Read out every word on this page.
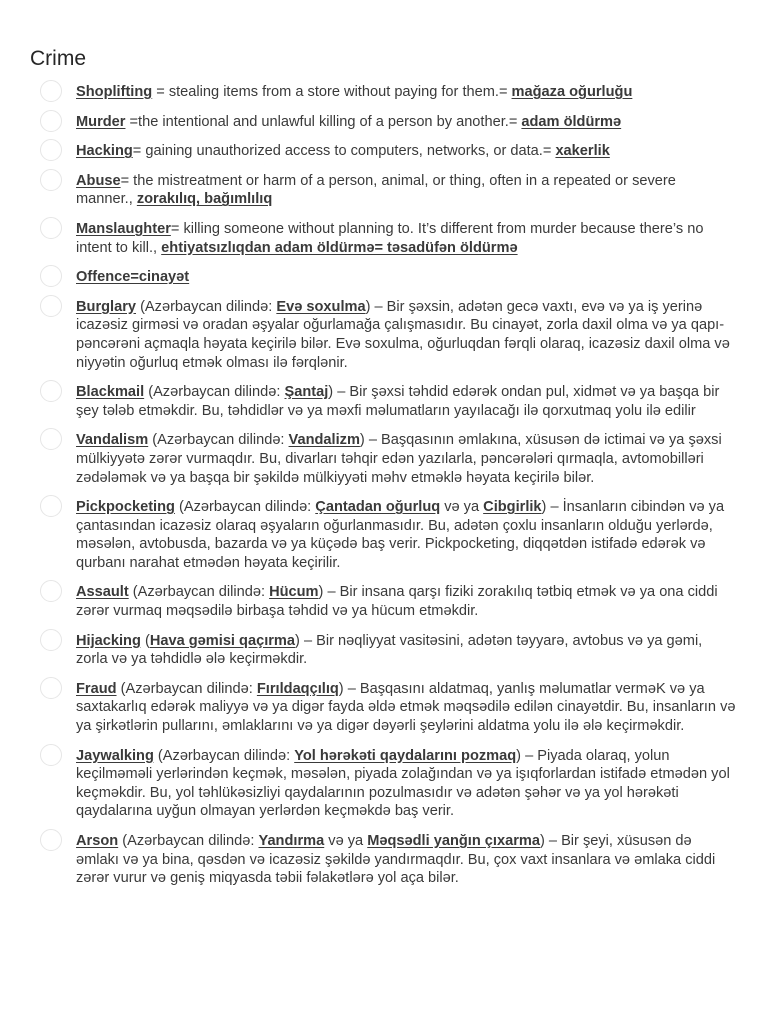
Crime
Shoplifting = stealing items from a store without paying for them.= mağaza oğurluğu
Murder =the intentional and unlawful killing of a person by another.= adam öldürmə
Hacking= gaining unauthorized access to computers, networks, or data.= xakerlik
Abuse= the mistreatment or harm of a person, animal, or thing, often in a repeated or severe manner., zorakılıq, bağımlılıq
Manslaughter= killing someone without planning to. It’s different from murder because there’s no intent to kill., ehtiyatsızlıqdan adam öldürmə= təsadüfən öldürmə
Offence=cinayət
Burglary (Azərbaycan dilində: Evə soxulma) – Bir şəxsin, adətən gecə vaxtı, evə və ya iş yerinə icazəsiz girməsi və oradan əşyalar oğurlamağa çalışmasıdır. Bu cinayət, zorla daxil olma və ya qapı-pəncərəni açmaqla həyata keçirilə bilər. Evə soxulma, oğurluqdan fərqli olaraq, icazəsiz daxil olma və niyyətin oğurluq etmək olması ilə fərqlənir.
Blackmail (Azərbaycan dilində: Şantaj) – Bir şəxsi təhdid edərək ondan pul, xidmət və ya başqa bir şey tələb etməkdir. Bu, təhdidlər və ya məxfi məlumatların yayılacağı ilə qorxutmaq yolu ilə edilir
Vandalism (Azərbaycan dilində: Vandalizm) – Başqasının əmlakına, xüsusən də ictimai və ya şəxsi mülkiyyətə zərər vurmaqdır. Bu, divarları təhqir edən yazılarla, pəncərələri qırmaqla, avtomobilləri zədələmək və ya başqa bir şəkildə mülkiyyəti məhv etməklə həyata keçirilə bilər.
Pickpocketing (Azərbaycan dilində: Çantadan oğurluq və ya Cibgirlik) – İnsanların cibindən və ya çantasından icazəsiz olaraq əşyaların oğurlanmasıdır. Bu, adətən çoxlu insanların olduğu yerlərdə, məsələn, avtobusda, bazarda və ya küçədə baş verir. Pickpocketing, diqqətdən istifadə edərək və qurbanı narahat etmədən həyata keçirilir.
Assault (Azərbaycan dilində: Hücum) – Bir insana qarşı fiziki zorakılıq tətbiq etmək və ya ona ciddi zərər vurmaq məqsədilə birbaşa təhdid və ya hücum etməkdir.
Hijacking (Hava gəmisi qaçırma) – Bir nəqliyyat vasitəsini, adətən təyyarə, avtobus və ya gəmi, zorla və ya təhdidlə ələ keçirməkdir.
Fraud (Azərbaycan dilində: Fırıldaqçılıq) – Başqasını aldatmaq, yanlış məlumatlar verməK və ya saxtakarlıq edərək maliyyə və ya digər fayda əldə etmək məqsədilə edilən cinayətdir. Bu, insanların və ya şirkətlərin pullarını, əmlaklarını və ya digər dəyərli şeylərini aldatma yolu ilə ələ keçirməkdir.
Jaywalking (Azərbaycan dilində: Yol hərəkəti qaydalarını pozmaq) – Piyada olaraq, yolun keçilməməli yerlərindən keçmək, məsələn, piyada zolağından və ya işıqforlardan istifadə etmədən yol keçməkdir. Bu, yol təhlükəsizliyi qaydalarının pozulmasıdır və adətən şəhər və ya yol hərəkəti qaydalarına uyğun olmayan yerlərdən keçməkdə baş verir.
Arson (Azərbaycan dilində: Yandırma və ya Məqsədli yanğın çıxarma) – Bir şeyi, xüsusən də əmlakı və ya bina, qəsdən və icazəsiz şəkildə yandırmaqdır. Bu, çox vaxt insanlara və əmlaka ciddi zərər vurur və geniş miqyasda təbii fəlakətlərə yol aça bilər.
